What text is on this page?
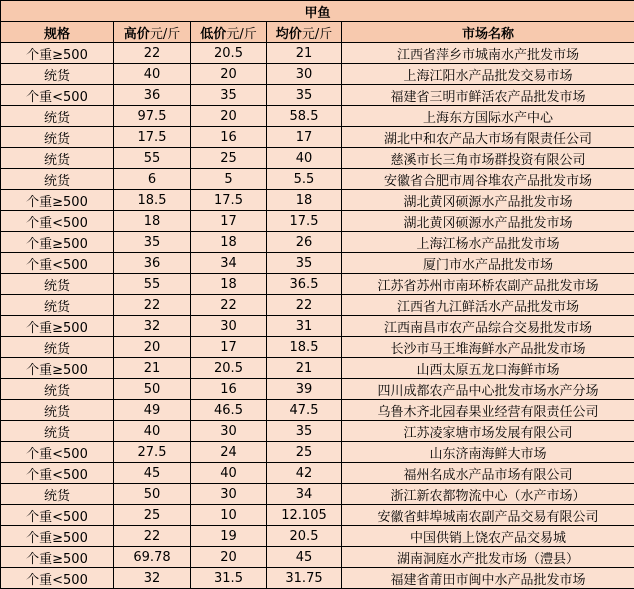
甲鱼				
规格	高价元/斤	低价元/斤	均价元/斤	市场名称
个重≥500	22	20.5	21	江西省萍乡市城南水产批发市场
统货	40	20	30	上海江阳水产品批发交易市场
个重<500	36	35	35	福建省三明市鲜活农产品批发市场
统货	97.5	20	58.5	上海东方国际水产中心
统货	17.5	16	17	湖北中和农产品大市场有限责任公司
统货	55	25	40	慈溪市长三角市场群投资有限公司
统货	6	5	5.5	安徽省合肥市周谷堆农产品批发市场
个重≥500	18.5	17.5	18	湖北黄冈硕源水产品批发市场
个重<500	18	17	17.5	湖北黄冈硕源水产品批发市场
个重≥500	35	18	26	上海江杨水产品批发市场
个重<500	36	34	35	厦门市水产品批发市场
统货	55	18	36.5	江苏省苏州市南环桥农副产品批发市场
统货	22	22	22	江西省九江鲜活水产品批发市场
个重≥500	32	30	31	江西南昌市农产品综合交易批发市场
统货	20	17	18.5	长沙市马王堆海鲜水产品批发市场
个重≥500	21	20.5	21	山西太原五龙口海鲜市场
统货	50	16	39	四川成都农产品中心批发市场水产分场
统货	49	46.5	47.5	乌鲁木齐北园春果业经营有限责任公司
统货	40	30	35	江苏凌家塘市场发展有限公司
个重<500	27.5	24	25	山东济南海鲜大市场
个重<500	45	40	42	福州名成水产品市场有限公司
统货	50	30	34	浙江新农都物流中心（水产市场）
个重<500	25	10	12.105	安徽省蚌埠城南农副产品交易有限公司
个重≥500	22	19	20.5	中国供销上饶农产品交易城
个重≥500	69.78	20	45	湖南洞庭水产批发市场（澧县）
个重<500	32	31.5	31.75	福建省莆田市闽中水产品批发市场
